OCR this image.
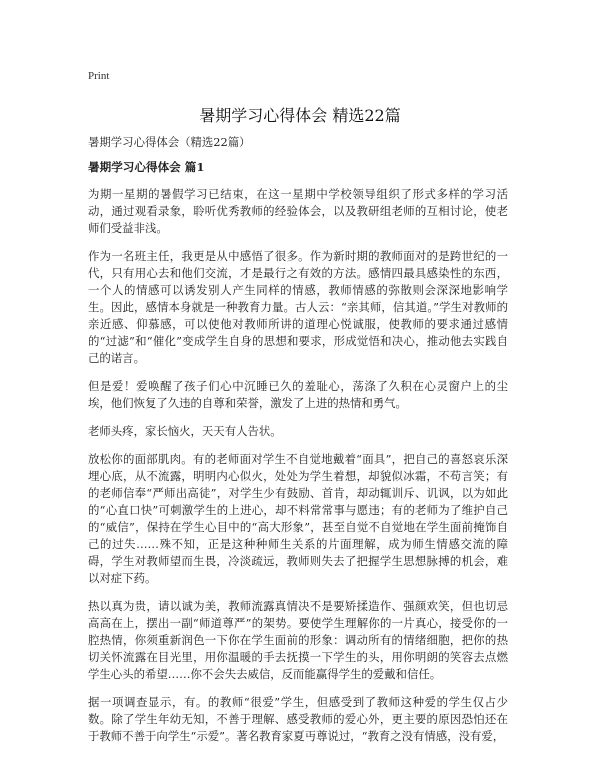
Print
暑期学习心得体会 精选22篇

暑期学习心得体会（精选22篇）

暑期学习心得体会 篇1

为期一星期的暑假学习已结束，在这一星期中学校领导组织了形式多样的学习活动，通过观看录象，聆听优秀教师的经验体会，以及教研组老师的互相讨论，使老师们受益非浅。

作为一名班主任，我更是从中感悟了很多。作为新时期的教师面对的是跨世纪的一代，只有用心去和他们交流，才是最行之有效的方法。感情四最具感染性的东西，一个人的情感可以诱发别人产生同样的情感，教师情感的弥散则会深深地影响学生。因此，感情本身就是一种教育力量。古人云：“亲其师，信其道。”学生对教师的亲近感、仰慕感，可以使他对教师所讲的道理心悦诚服，使教师的要求通过感情的“过滤”和“催化”变成学生自身的思想和要求，形成觉悟和决心，推动他去实践自己的诺言。

但是爱！爱唤醒了孩子们心中沉睡已久的羞耻心，荡涤了久积在心灵窗户上的尘埃，他们恢复了久违的自尊和荣誉，激发了上进的热情和勇气。

老师头疼，家长恼火，天天有人告状。

放松你的面部肌肉。有的老师面对学生不自觉地戴着“面具”，把自己的喜怒哀乐深埋心底，从不流露，明明内心似火，处处为学生着想，却貌似冰霜，不苟言笑；有的老师信奉“严师出高徒”，对学生少有鼓励、首肯，却动辄训斥、讥讽，以为如此的“心直口快”可刺激学生的上进心，却不料常常事与愿违；有的老师为了维护自己的“威信”，保持在学生心目中的“高大形象”，甚至自觉不自觉地在学生面前掩饰自己的过失……殊不知，正是这种种师生关系的片面理解，成为师生情感交流的障碍，学生对教师望而生畏，冷淡疏远，教师则失去了把握学生思想脉搏的机会，难以对症下药。

热以真为贵，请以诚为美，教师流露真情决不是要矫揉造作、强颜欢笑，但也切忌高高在上，摆出一副“师道尊严”的架势。要使学生理解你的一片真心，接受你的一腔热情，你须重新润色一下你在学生面前的形象：调动所有的情绪细胞，把你的热切关怀流露在目光里，用你温暖的手去抚摸一下学生的头，用你明朗的笑容去点燃学生心头的希望……你不会失去威信，反而能赢得学生的爱戴和信任。

据一项调查显示，有。的教师“很爱”学生，但感受到了教师这种爱的学生仅占少数。除了学生年幼无知，不善于理解、感受教师的爱心外，更主要的原因恐怕还在于教师不善于向学生“示爱”。著名教育家夏丏尊说过，“教育之没有情感，没有爱，
